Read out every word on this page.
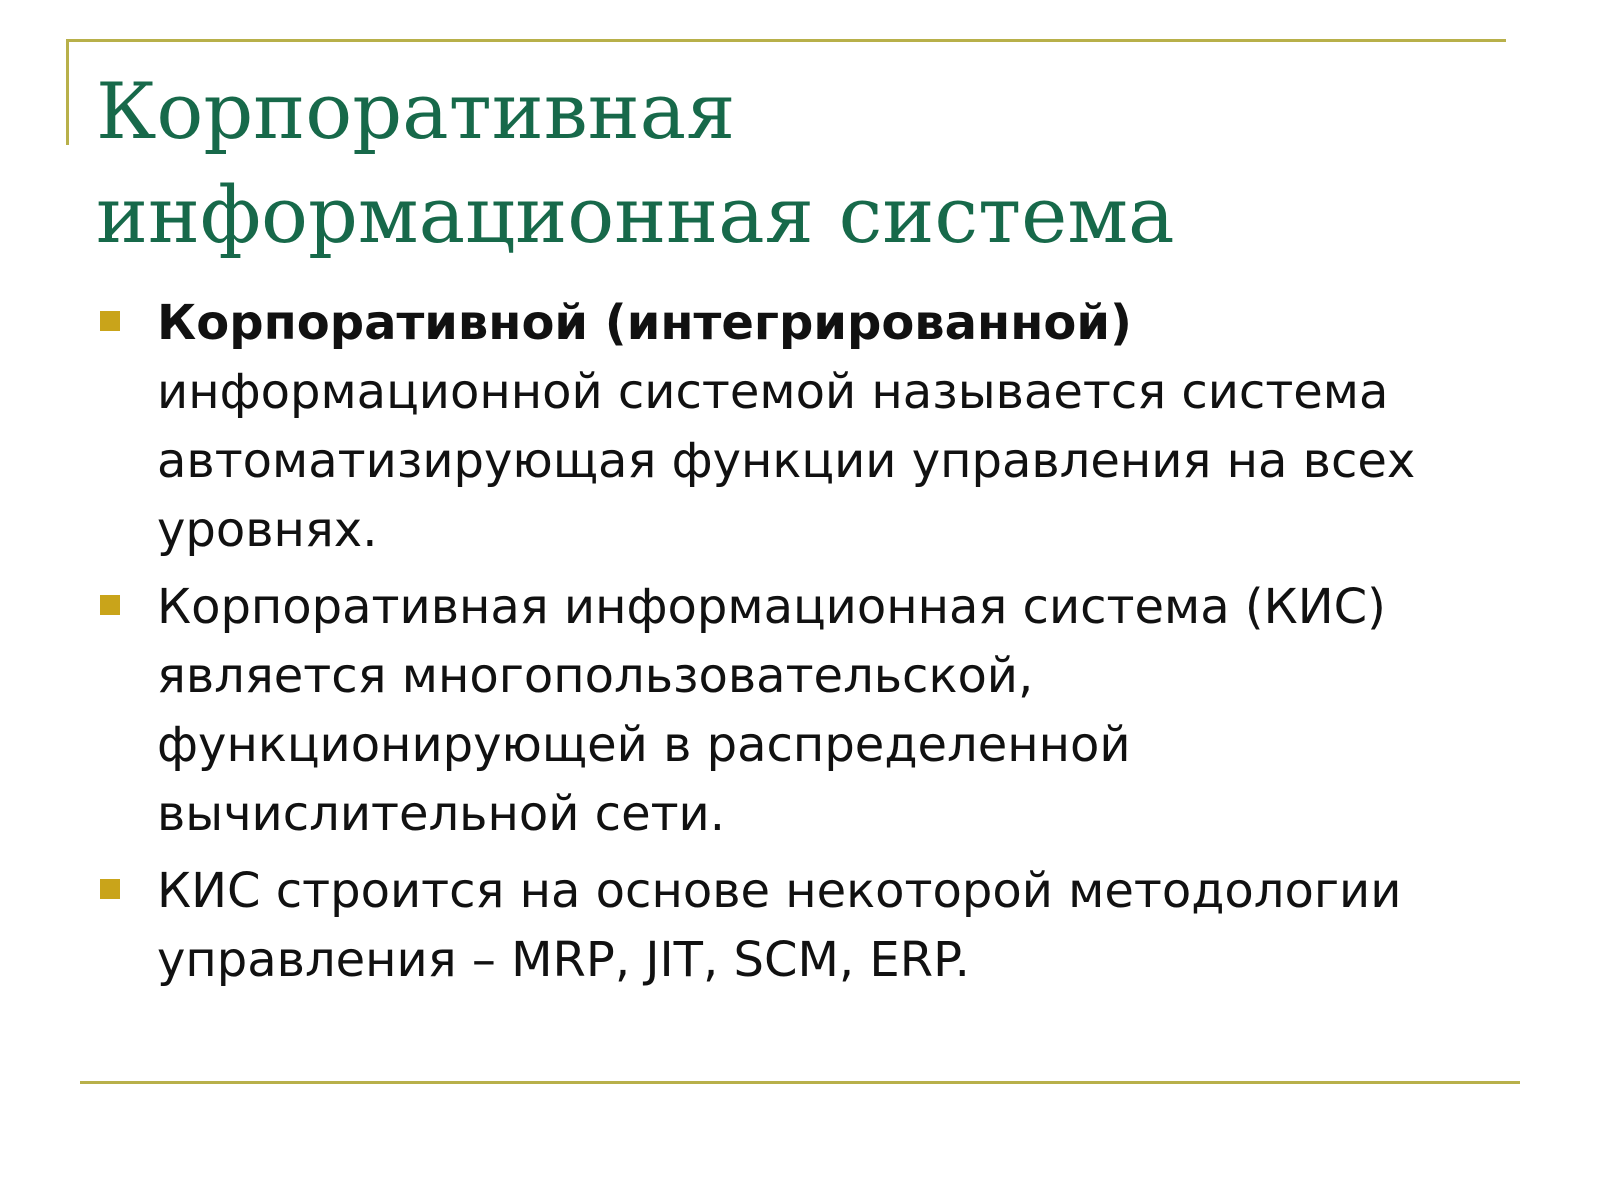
Корпоративная
информационная система
Корпоративной (интегрированной)
информационной системой называется система
автоматизирующая функции управления на всех
уровнях.
Корпоративная информационная система (КИС)
является многопользовательской,
функционирующей в распределенной
вычислительной сети.
КИС строится на основе некоторой методологии
управления – MRP, JIT, SCM, ERP.
